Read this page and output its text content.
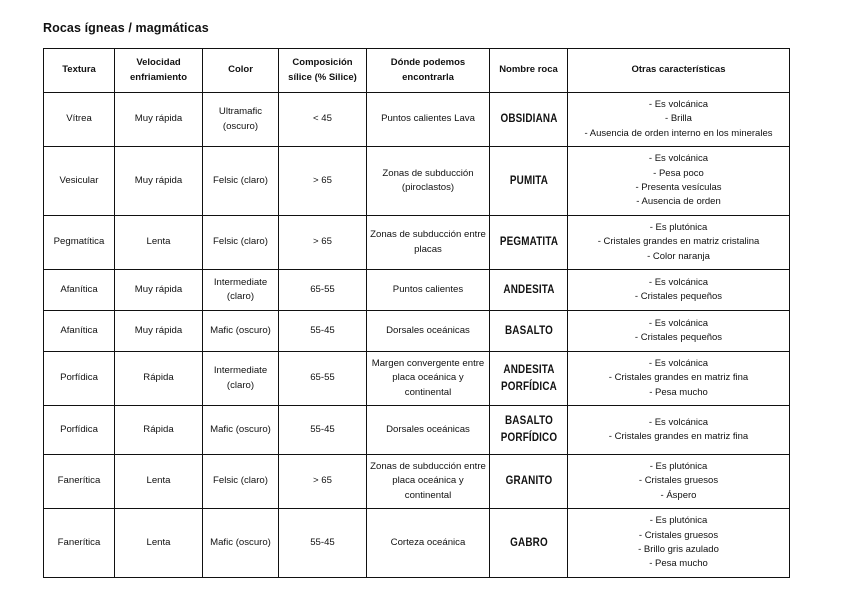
Rocas ígneas / magmáticas
Textura	Velocidad enfriamiento	Color	Composición sílice (% Silice)	Dónde podemos encontrarla	Nombre roca	Otras características
Vítrea	Muy rápida	Ultramafic (oscuro)	< 45	Puntos calientes Lava	OBSIDIANA	- Es volcánica
- Brilla
- Ausencia de orden interno en los minerales

Vesicular	Muy rápida	Felsic (claro)	> 65	Zonas de subducción (piroclastos)	PUMITA	- Es volcánica
- Pesa poco
- Presenta vesículas
- Ausencia de orden

Pegmatítica	Lenta	Felsic (claro)	> 65	Zonas de subducción entre placas	PEGMATITA	- Es plutónica
- Cristales grandes en matriz cristalina
- Color naranja

Afanítica	Muy rápida	Intermediate (claro)	65-55	Puntos calientes	ANDESITA	- Es volcánica
- Cristales pequeños

Afanítica	Muy rápida	Mafic (oscuro)	55-45	Dorsales oceánicas	BASALTO	- Es volcánica
- Cristales pequeños

Porfídica	Rápida	Intermediate (claro)	65-55	Margen convergente entre placa oceánica y continental	ANDESITA PORFÍDICA	- Es volcánica
- Cristales grandes en matriz fina
- Pesa mucho

Porfídica	Rápida	Mafic (oscuro)	55-45	Dorsales oceánicas	BASALTO PORFÍDICO	- Es volcánica
- Cristales grandes en matriz fina

Fanerítica	Lenta	Felsic (claro)	> 65	Zonas de subducción entre placa oceánica y continental	GRANITO	- Es plutónica
- Cristales gruesos
- Áspero

Fanerítica	Lenta	Mafic (oscuro)	55-45	Corteza oceánica	GABRO	- Es plutónica
- Cristales gruesos
- Brillo gris azulado
- Pesa mucho
